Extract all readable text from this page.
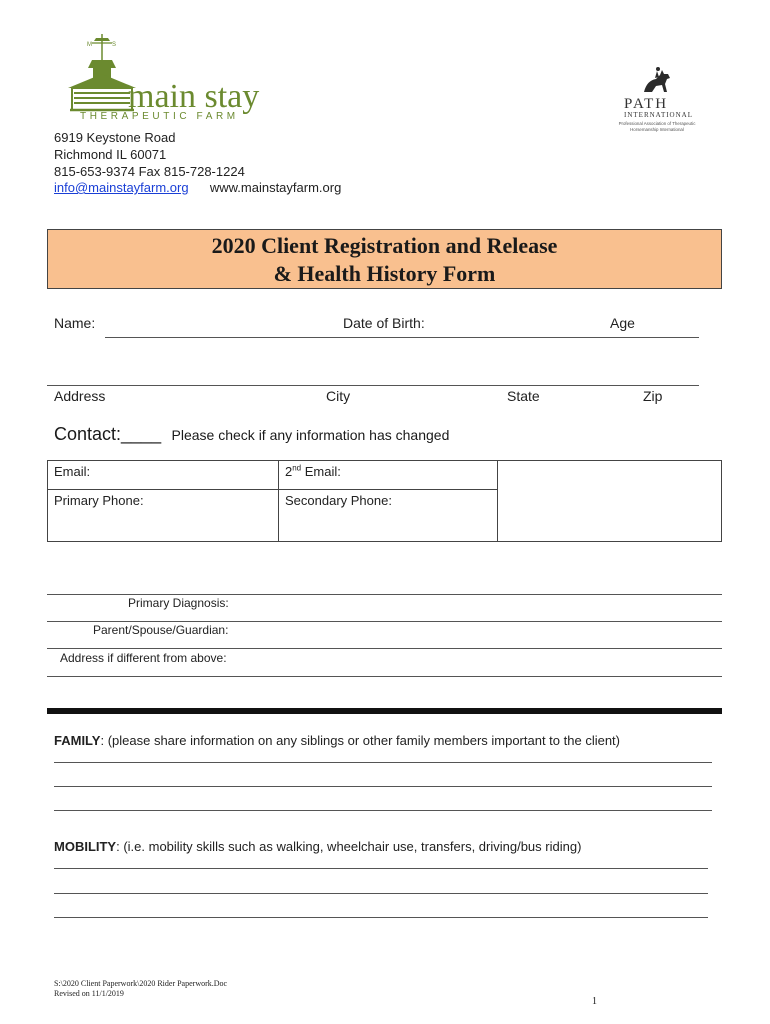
M	S
main stay
THERAPEUTIC FARM
PATH
INTERNATIONAL
Professional Association of Therapeutic
Horsemanship International
6919 Keystone Road
Richmond IL 60071
815-653-9374 Fax 815-728-1224
info@mainstayfarm.org www.mainstayfarm.org
2020 Client Registration and Release
& Health History Form
Name:	Date of Birth:	Age
Address	City	State	Zip
Contact:____ Please check if any information has changed
Email:	2nd Email:	
Primary Phone:	Secondary Phone:	
Primary Diagnosis:
Parent/Spouse/Guardian:
Address if different from above:
FAMILY: (please share information on any siblings or other family members important to the client)
MOBILITY: (i.e. mobility skills such as walking, wheelchair use, transfers, driving/bus riding)
S:\2020 Client Paperwork\2020 Rider Paperwork.Doc
Revised on 11/1/2019
1
